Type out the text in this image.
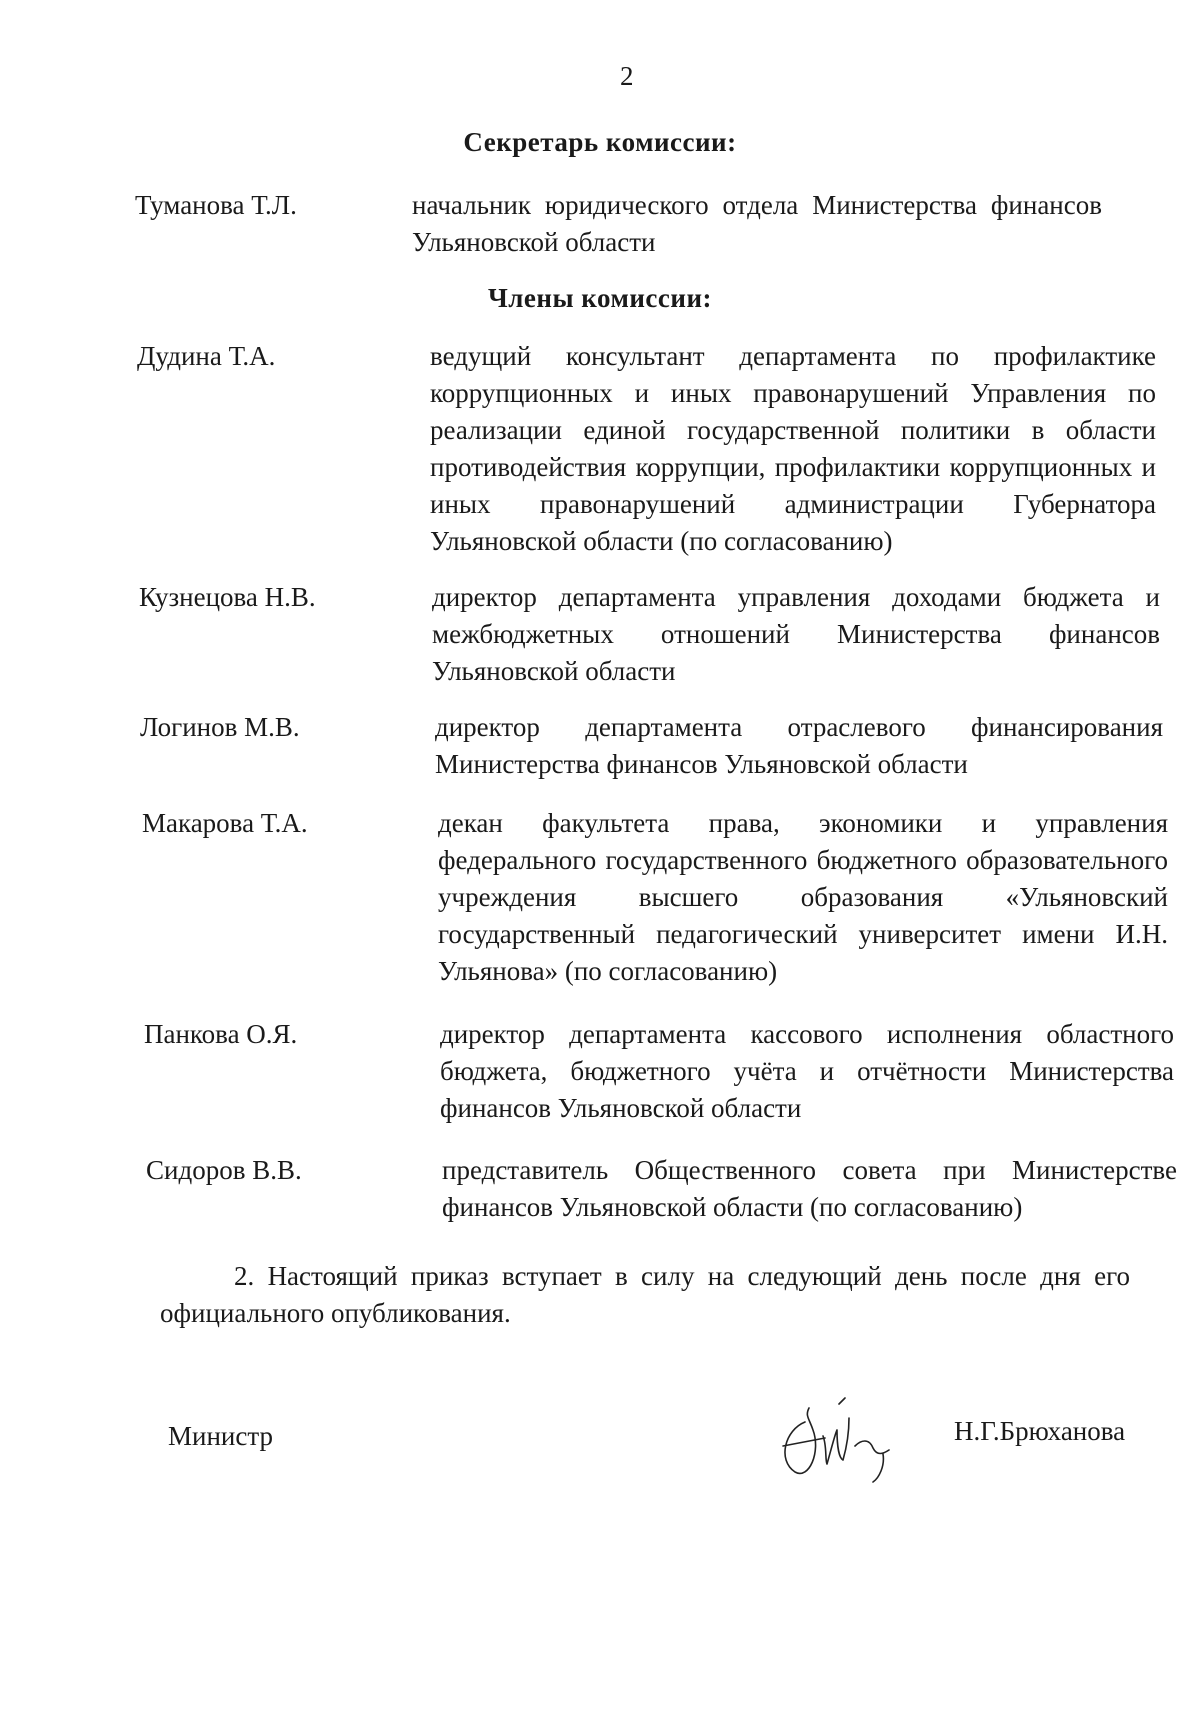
2
Секретарь комиссии:
Туманова Т.Л.	начальник юридического отдела Министерства финансов Ульяновской области
Члены комиссии:
Дудина Т.А.	ведущий консультант департамента по профилактике коррупционных и иных правонарушений Управления по реализации единой государственной политики в области противодействия коррупции, профилактики коррупционных и иных правонарушений администрации Губернатора Ульяновской области (по согласованию)
Кузнецова Н.В.	директор департамента управления доходами бюджета и межбюджетных отношений Министерства финансов Ульяновской области
Логинов М.В.	директор департамента отраслевого финансирования Министерства финансов Ульяновской области
Макарова Т.А.	декан факультета права, экономики и управления федерального государственного бюджетного образовательного учреждения высшего образования «Ульяновский государственный педагогический университет имени И.Н. Ульянова» (по согласованию)
Панкова О.Я.	директор департамента кассового исполнения областного бюджета, бюджетного учёта и отчётности Министерства финансов Ульяновской области
Сидоров В.В.	представитель Общественного совета при Министерстве финансов Ульяновской области (по согласованию)
2. Настоящий приказ вступает в силу на следующий день после дня его официального опубликования.
Министр	Н.Г.Брюханова
